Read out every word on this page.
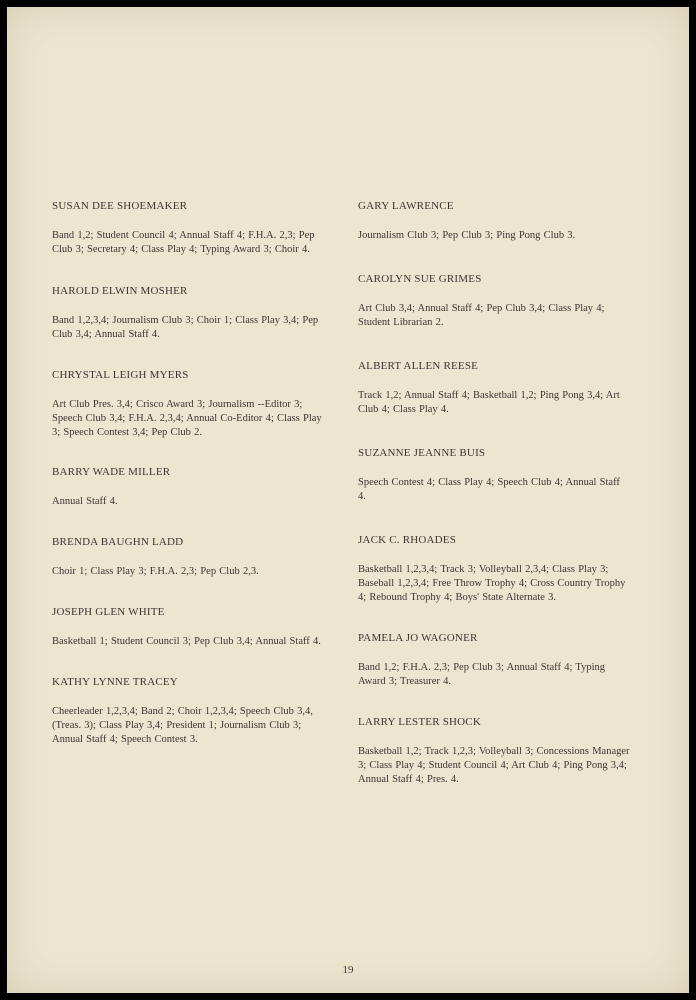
SUSAN DEE SHOEMAKER

Band 1,2; Student Council 4; Annual Staff 4; F.H.A. 2,3; Pep Club 3; Secretary 4; Class Play 4; Typing Award 3; Choir 4.

HAROLD ELWIN MOSHER

Band 1,2,3,4; Journalism Club 3; Choir 1; Class Play 3,4; Pep Club 3,4; Annual Staff 4.

CHRYSTAL LEIGH MYERS

Art Club Pres. 3,4; Crisco Award 3; Journalism --Editor 3; Speech Club 3,4; F.H.A. 2,3,4; Annual Co-Editor 4; Class Play 3; Speech Contest 3,4; Pep Club 2.

BARRY WADE MILLER

Annual Staff 4.

BRENDA BAUGHN LADD

Choir 1; Class Play 3; F.H.A. 2,3; Pep Club 2,3.

JOSEPH GLEN WHITE

Basketball 1; Student Council 3; Pep Club 3,4; Annual Staff 4.

KATHY LYNNE TRACEY

Cheerleader 1,2,3,4; Band 2; Choir 1,2,3,4; Speech Club 3,4, (Treas. 3); Class Play 3,4; President 1; Journalism Club 3; Annual Staff 4; Speech Contest 3.

GARY LAWRENCE

Journalism Club 3; Pep Club 3; Ping Pong Club 3.

CAROLYN SUE GRIMES

Art Club 3,4; Annual Staff 4; Pep Club 3,4; Class Play 4; Student Librarian 2.

ALBERT ALLEN REESE

Track 1,2; Annual Staff 4; Basketball 1,2; Ping Pong 3,4; Art Club 4; Class Play 4.

SUZANNE JEANNE BUIS

Speech Contest 4; Class Play 4; Speech Club 4; Annual Staff 4.

JACK C. RHOADES

Basketball 1,2,3,4; Track 3; Volleyball 2,3,4; Class Play 3; Baseball 1,2,3,4; Free Throw Trophy 4; Cross Country Trophy 4; Rebound Trophy 4; Boys' State Alternate 3.

PAMELA JO WAGONER

Band 1,2; F.H.A. 2,3; Pep Club 3; Annual Staff 4; Typing Award 3; Treasurer 4.

LARRY LESTER SHOCK

Basketball 1,2; Track 1,2,3; Volleyball 3; Concessions Manager 3; Class Play 4; Student Council 4; Art Club 4; Ping Pong 3,4; Annual Staff 4; Pres. 4.

19
